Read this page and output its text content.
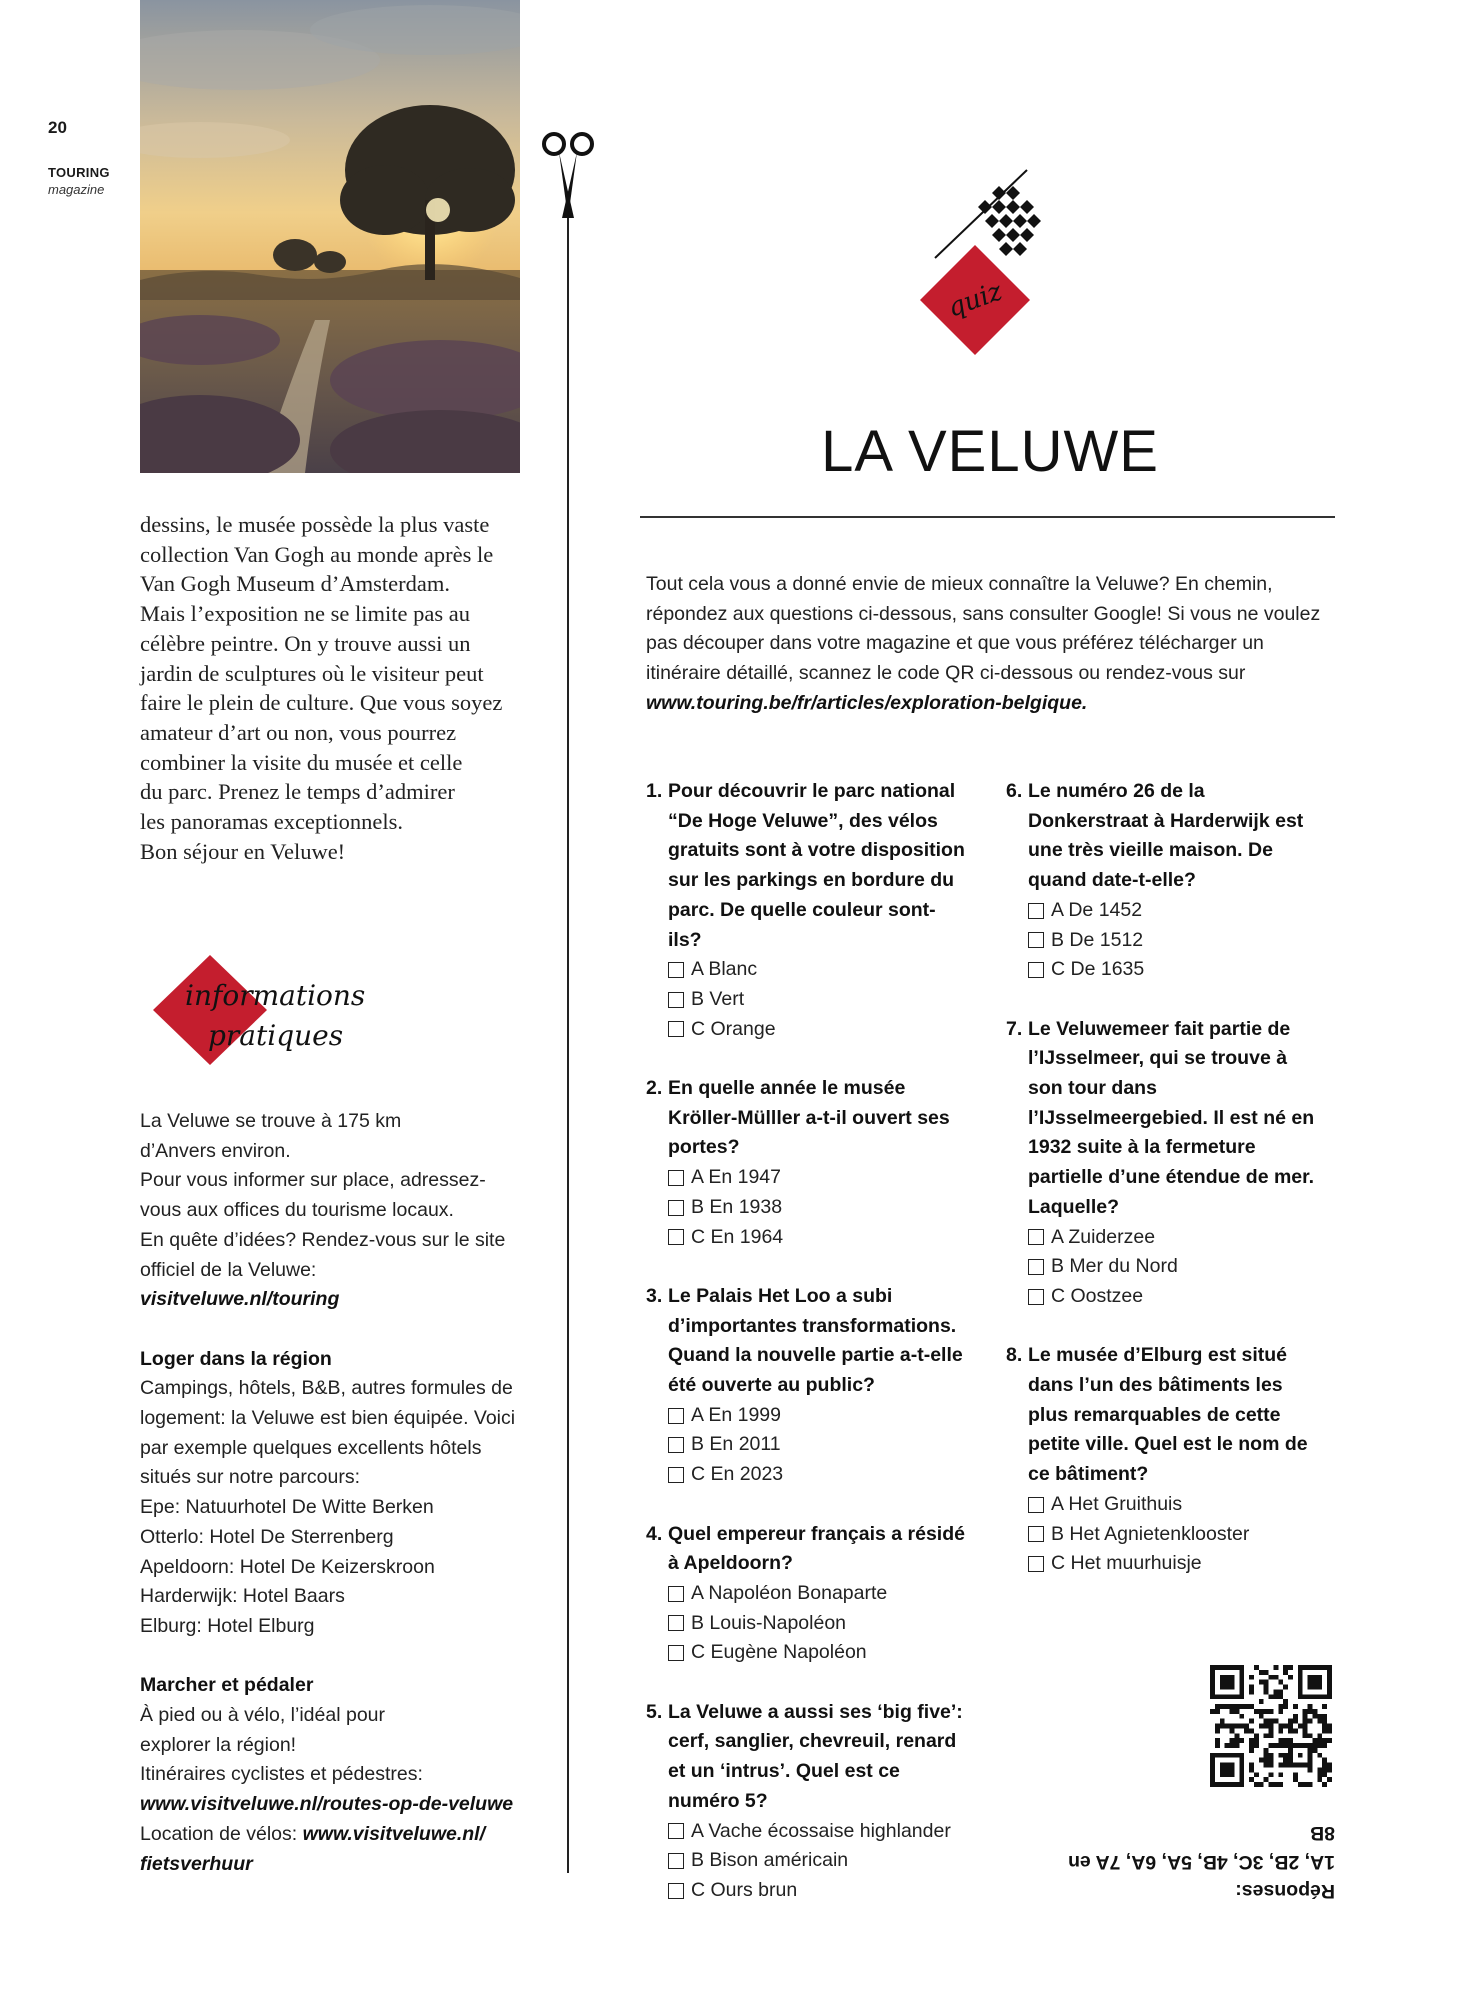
20
TOURING
magazine

dessins, le musée possède la plus vaste

collection Van Gogh au monde après le

Van Gogh Museum d’Amsterdam.

Mais l’exposition ne se limite pas au

célèbre peintre. On y trouve aussi un

jardin de sculptures où le visiteur peut

faire le plein de culture. Que vous soyez

amateur d’art ou non, vous pourrez

combiner la visite du musée et celle

du parc. Prenez le temps d’admirer

les panoramas exceptionnels.

Bon séjour en Veluwe!

informations
pratiques

La Veluwe se trouve à 175 km

d’Anvers environ.

Pour vous informer sur place, adressez-

vous aux offices du tourisme locaux.

En quête d’idées? Rendez-vous sur le site

officiel de la Veluwe:

visitveluwe.nl/touring

Loger dans la région

Campings, hôtels, B&B, autres formules de

logement: la Veluwe est bien équipée. Voici

par exemple quelques excellents hôtels

situés sur notre parcours:

Epe: Natuurhotel De Witte Berken

Otterlo: Hotel De Sterrenberg

Apeldoorn: Hotel De Keizerskroon

Harderwijk: Hotel Baars

Elburg: Hotel Elburg

Marcher et pédaler

À pied ou à vélo, l’idéal pour

explorer la région!

Itinéraires cyclistes et pédestres:

www.visitveluwe.nl/routes-op-de-veluwe

Location de vélos: www.visitveluwe.nl/

fietsverhuur

quiz
LA VELUWE
Tout cela vous a donné envie de mieux connaître la Veluwe? En chemin,
répondez aux questions ci-dessous, sans consulter Google! Si vous ne voulez
pas découper dans votre magazine et que vous préférez télécharger un
itinéraire détaillé, scannez le code QR ci-dessous ou rendez-vous sur
www.touring.be/fr/articles/exploration-belgique.
1. Pour découvrir le parc national “De Hoge Veluwe”, des vélos gratuits sont à votre disposition sur les parkings en bordure du parc. De quelle couleur sont-ils?
A Blanc
B Vert
C Orange
2. En quelle année le musée Kröller-Mülller a-t-il ouvert ses portes?
A En 1947
B En 1938
C En 1964
3. Le Palais Het Loo a subi d’importantes transformations. Quand la nouvelle partie a-t-elle été ouverte au public?
A En 1999
B En 2011
C En 2023
4. Quel empereur français a résidé à Apeldoorn?
A Napoléon Bonaparte
B Louis-Napoléon
C Eugène Napoléon
5. La Veluwe a aussi ses ‘big five’: cerf, sanglier, chevreuil, renard et un ‘intrus’. Quel est ce numéro 5?
A Vache écossaise highlander
B Bison américain
C Ours brun
6. Le numéro 26 de la Donkerstraat à Harderwijk est une très vieille maison. De quand date-t-elle?
A De 1452
B De 1512
C De 1635
7. Le Veluwemeer fait partie de l’IJsselmeer, qui se trouve à son tour dans l’IJsselmeergebied. Il est né en 1932 suite à la fermeture partielle d’une étendue de mer. Laquelle?
A Zuiderzee
B Mer du Nord
C Oostzee
8. Le musée d’Elburg est situé dans l’un des bâtiments les plus remarquables de cette petite ville. Quel est le nom de ce bâtiment?
A Het Gruithuis
B Het Agnietenklooster
C Het muurhuisje
Réponses:
1A, 2B, 3C, 4B, 5A, 6A, 7A en 8B
